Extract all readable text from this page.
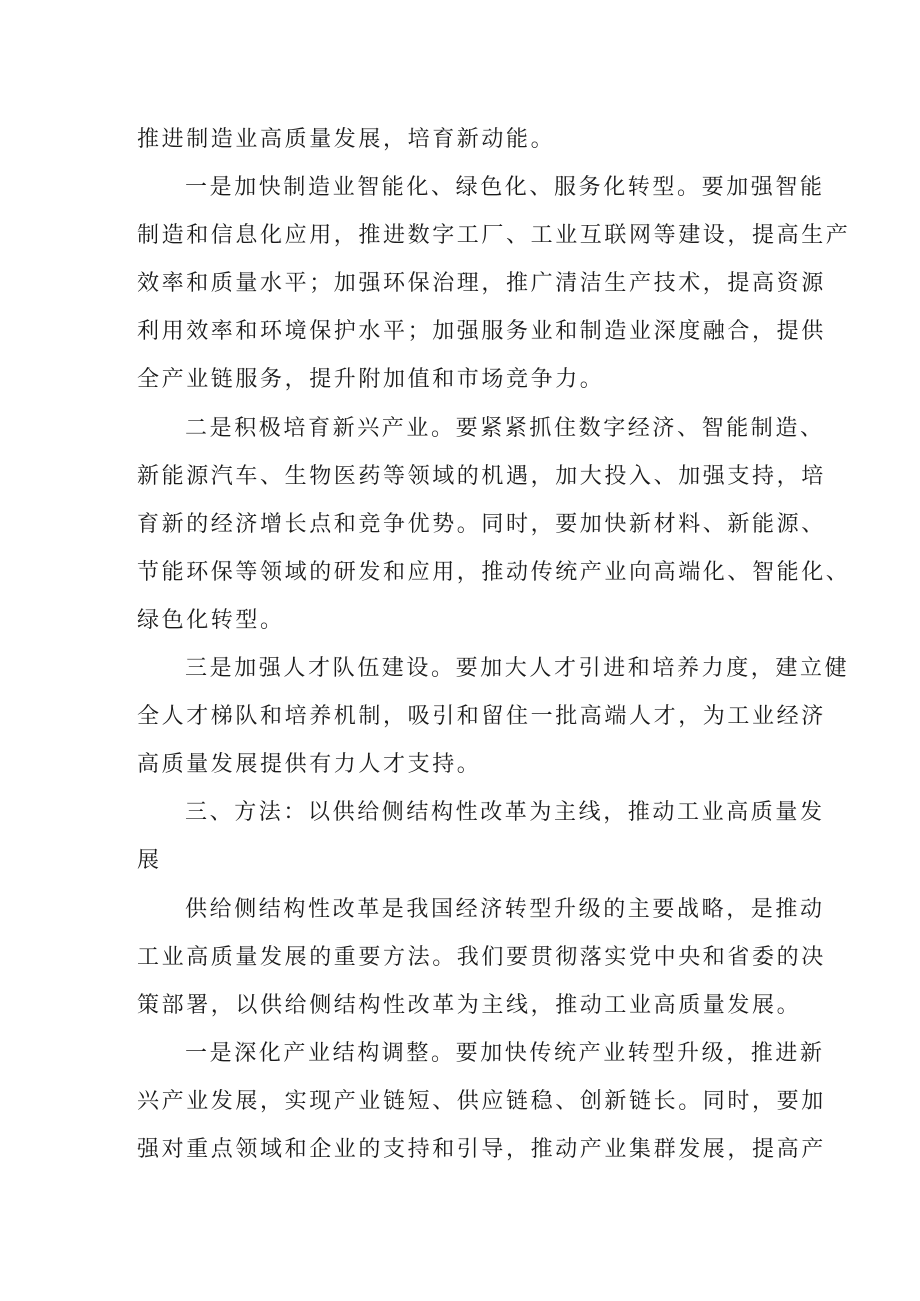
推进制造业高质量发展，培育新动能。
一是加快制造业智能化、绿色化、服务化转型。要加强智能
制造和信息化应用，推进数字工厂、工业互联网等建设，提高生产
效率和质量水平；加强环保治理，推广清洁生产技术，提高资源
利用效率和环境保护水平；加强服务业和制造业深度融合，提供
全产业链服务，提升附加值和市场竞争力。
二是积极培育新兴产业。要紧紧抓住数字经济、智能制造、
新能源汽车、生物医药等领域的机遇，加大投入、加强支持，培
育新的经济增长点和竞争优势。同时，要加快新材料、新能源、
节能环保等领域的研发和应用，推动传统产业向高端化、智能化、
绿色化转型。
三是加强人才队伍建设。要加大人才引进和培养力度，建立健
全人才梯队和培养机制，吸引和留住一批高端人才，为工业经济
高质量发展提供有力人才支持。
三、方法：以供给侧结构性改革为主线，推动工业高质量发
展
供给侧结构性改革是我国经济转型升级的主要战略，是推动
工业高质量发展的重要方法。我们要贯彻落实党中央和省委的决
策部署，以供给侧结构性改革为主线，推动工业高质量发展。
一是深化产业结构调整。要加快传统产业转型升级，推进新
兴产业发展，实现产业链短、供应链稳、创新链长。同时，要加
强对重点领域和企业的支持和引导，推动产业集群发展，提高产
